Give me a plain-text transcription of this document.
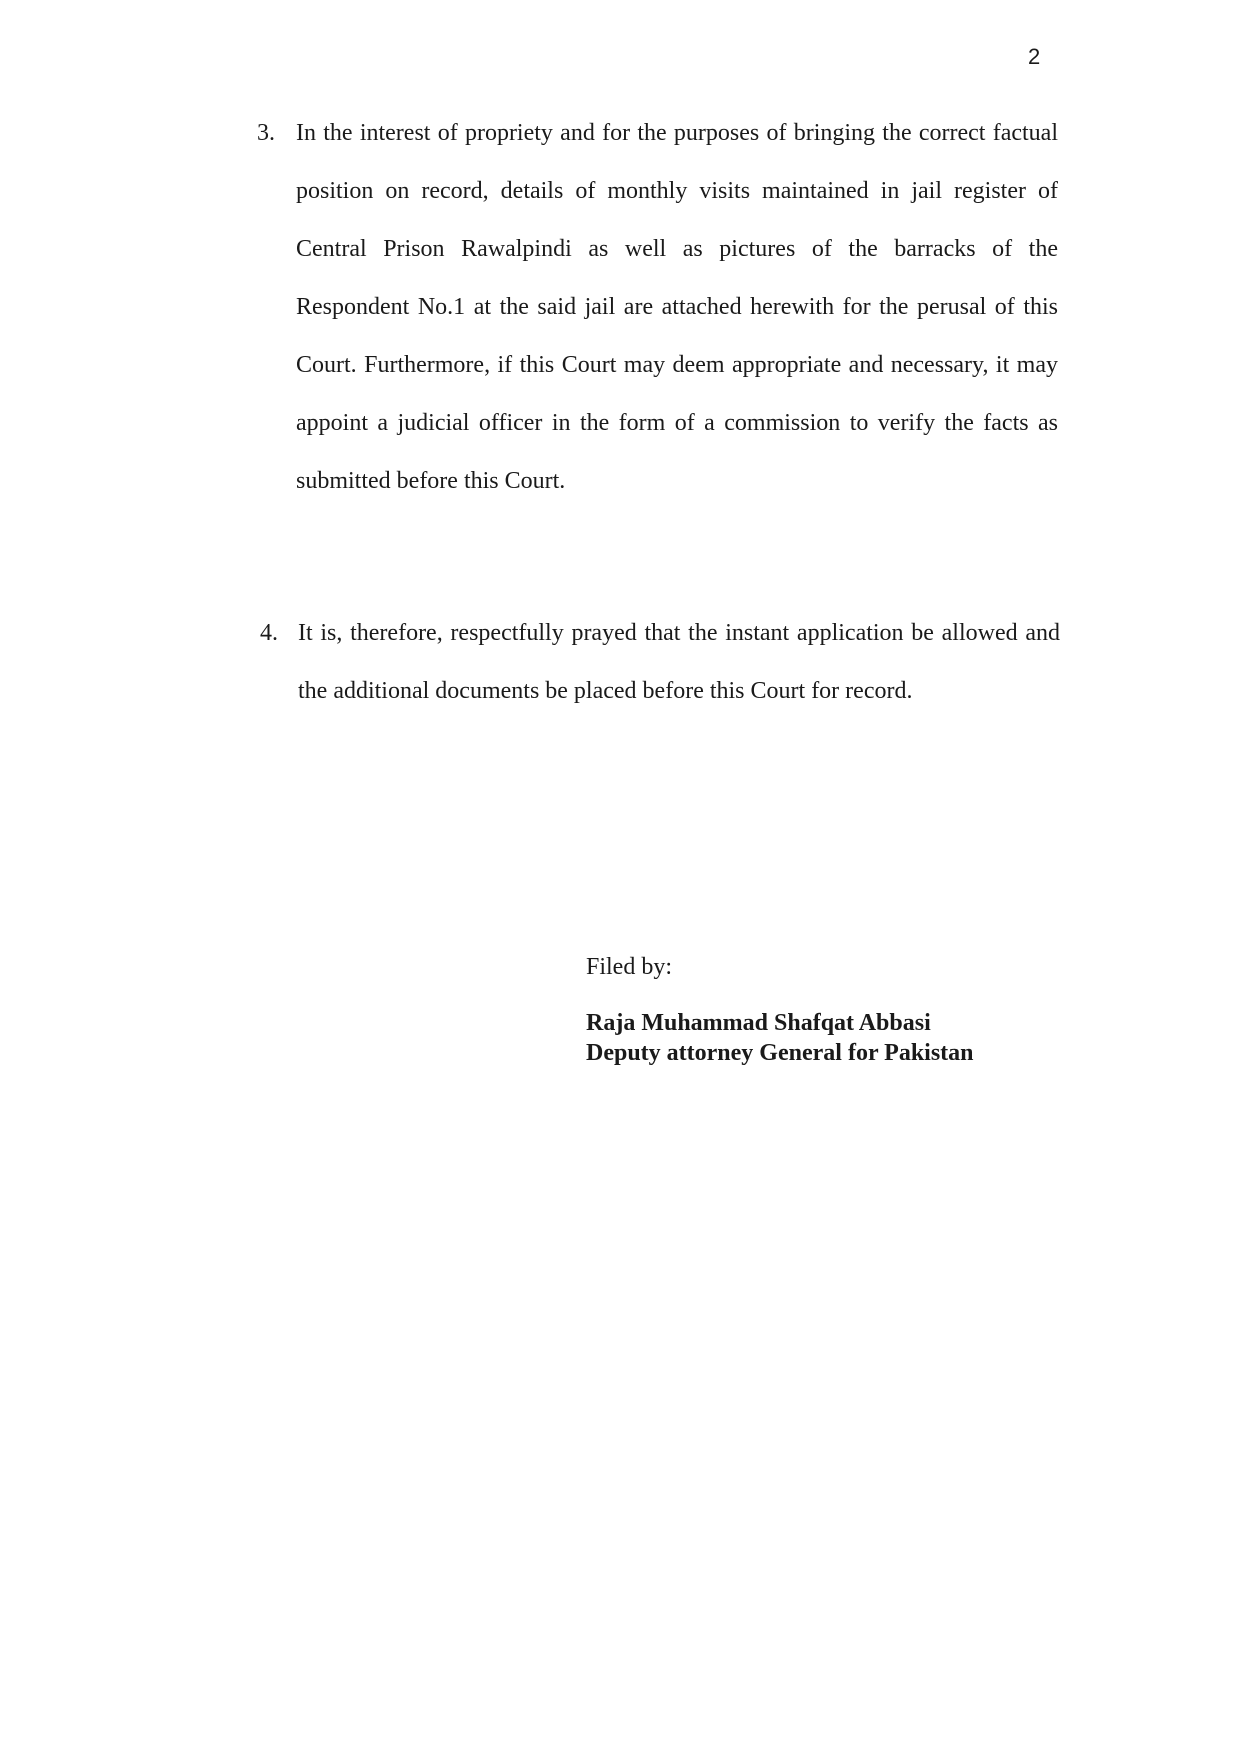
2
3. In the interest of propriety and for the purposes of bringing the correct factual position on record, details of monthly visits maintained in jail register of Central Prison Rawalpindi as well as pictures of the barracks of the Respondent No.1 at the said jail are attached herewith for the perusal of this Court. Furthermore, if this Court may deem appropriate and necessary, it may appoint a judicial officer in the form of a commission to verify the facts as submitted before this Court.
4. It is, therefore, respectfully prayed that the instant application be allowed and the additional documents be placed before this Court for record.
Filed by:
Raja Muhammad Shafqat Abbasi
Deputy attorney General for Pakistan
